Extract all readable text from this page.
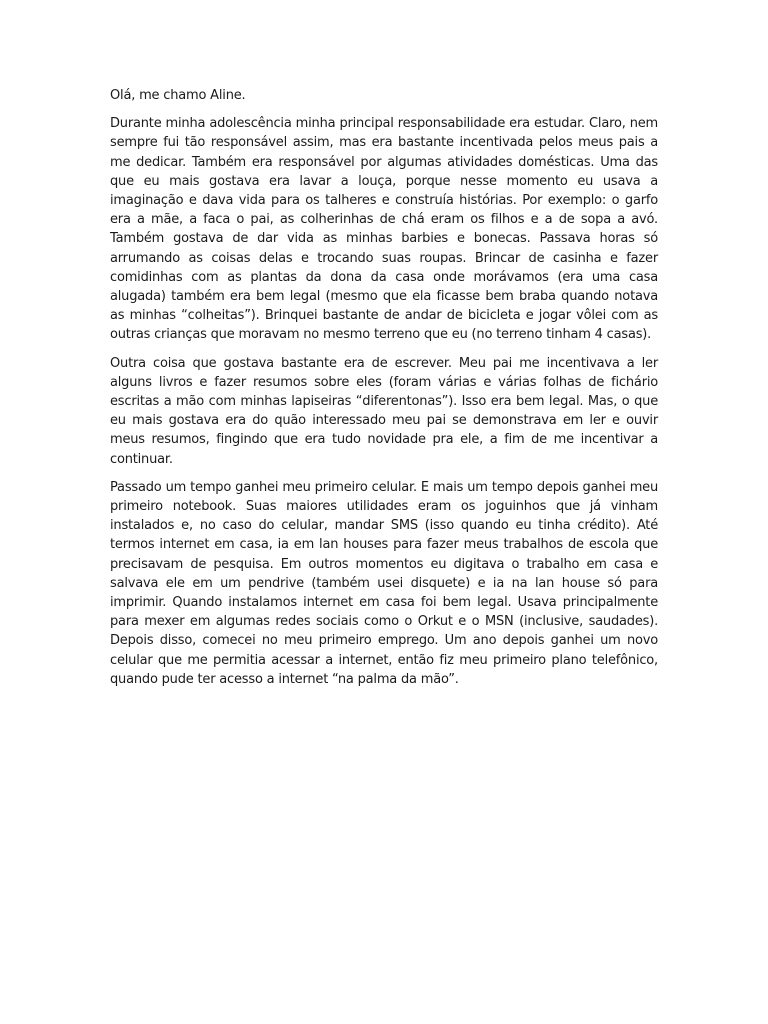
Olá, me chamo Aline.

Durante minha adolescência minha principal responsabilidade era estudar. Claro, nem sempre fui tão responsável assim, mas era bastante incentivada pelos meus pais a me dedicar. Também era responsável por algumas atividades domésticas. Uma das que eu mais gostava era lavar a louça, porque nesse momento eu usava a imaginação e dava vida para os talheres e construía histórias. Por exemplo: o garfo era a mãe, a faca o pai, as colherinhas de chá eram os filhos e a de sopa a avó. Também gostava de dar vida as minhas barbies e bonecas. Passava horas só arrumando as coisas delas e trocando suas roupas. Brincar de casinha e fazer comidinhas com as plantas da dona da casa onde morávamos (era uma casa alugada) também era bem legal (mesmo que ela ficasse bem braba quando notava as minhas “colheitas”). Brinquei bastante de andar de bicicleta e jogar vôlei com as outras crianças que moravam no mesmo terreno que eu (no terreno tinham 4 casas).

Outra coisa que gostava bastante era de escrever. Meu pai me incentivava a ler alguns livros e fazer resumos sobre eles (foram várias e várias folhas de fichário escritas a mão com minhas lapiseiras “diferentonas”). Isso era bem legal. Mas, o que eu mais gostava era do quão interessado meu pai se demonstrava em ler e ouvir meus resumos, fingindo que era tudo novidade pra ele, a fim de me incentivar a continuar.

Passado um tempo ganhei meu primeiro celular. E mais um tempo depois ganhei meu primeiro notebook. Suas maiores utilidades eram os joguinhos que já vinham instalados e, no caso do celular, mandar SMS (isso quando eu tinha crédito). Até termos internet em casa, ia em lan houses para fazer meus trabalhos de escola que precisavam de pesquisa. Em outros momentos eu digitava o trabalho em casa e salvava ele em um pendrive (também usei disquete) e ia na lan house só para imprimir. Quando instalamos internet em casa foi bem legal. Usava principalmente para mexer em algumas redes sociais como o Orkut e o MSN (inclusive, saudades). Depois disso, comecei no meu primeiro emprego. Um ano depois ganhei um novo celular que me permitia acessar a internet, então fiz meu primeiro plano telefônico, quando pude ter acesso a internet “na palma da mão”.
